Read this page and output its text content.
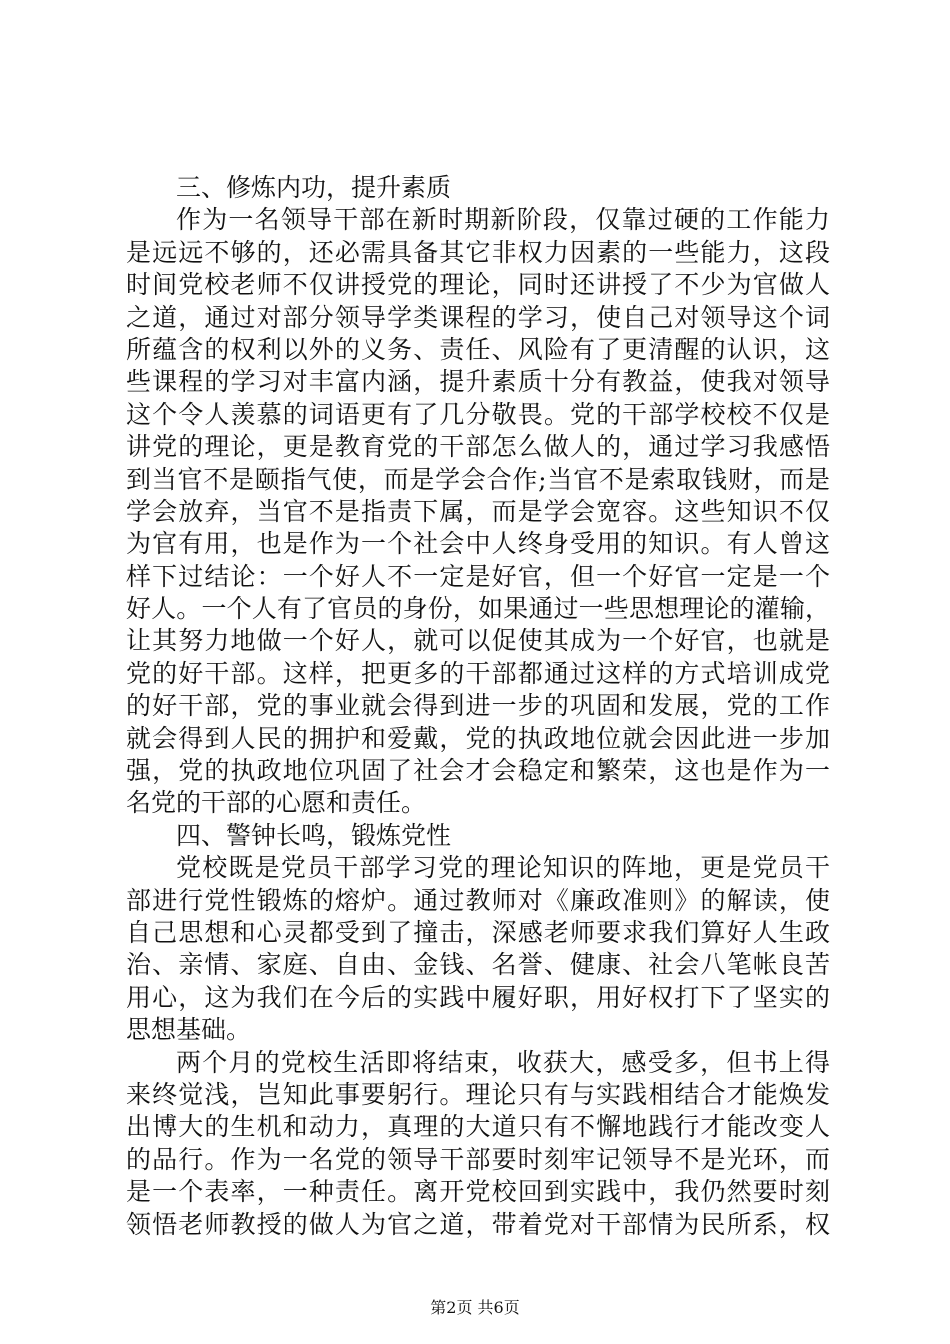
三、修炼内功，提升素质
作为一名领导干部在新时期新阶段，仅靠过硬的工作能力
是远远不够的，还必需具备其它非权力因素的一些能力，这段
时间党校老师不仅讲授党的理论，同时还讲授了不少为官做人
之道，通过对部分领导学类课程的学习，使自己对领导这个词
所蕴含的权利以外的义务、责任、风险有了更清醒的认识，这
些课程的学习对丰富内涵，提升素质十分有教益，使我对领导
这个令人羡慕的词语更有了几分敬畏。党的干部学校校不仅是
讲党的理论，更是教育党的干部怎么做人的，通过学习我感悟
到当官不是颐指气使，而是学会合作;当官不是索取钱财，而是
学会放弃，当官不是指责下属，而是学会宽容。这些知识不仅
为官有用，也是作为一个社会中人终身受用的知识。有人曾这
样下过结论：一个好人不一定是好官，但一个好官一定是一个
好人。一个人有了官员的身份，如果通过一些思想理论的灌输，
让其努力地做一个好人，就可以促使其成为一个好官，也就是
党的好干部。这样，把更多的干部都通过这样的方式培训成党
的好干部，党的事业就会得到进一步的巩固和发展，党的工作
就会得到人民的拥护和爱戴，党的执政地位就会因此进一步加
强，党的执政地位巩固了社会才会稳定和繁荣，这也是作为一
名党的干部的心愿和责任。
四、警钟长鸣，锻炼党性
党校既是党员干部学习党的理论知识的阵地，更是党员干
部进行党性锻炼的熔炉。通过教师对《廉政准则》的解读，使
自己思想和心灵都受到了撞击，深感老师要求我们算好人生政
治、亲情、家庭、自由、金钱、名誉、健康、社会八笔帐良苦
用心，这为我们在今后的实践中履好职，用好权打下了坚实的
思想基础。
两个月的党校生活即将结束，收获大，感受多，但书上得
来终觉浅，岂知此事要躬行。理论只有与实践相结合才能焕发
出博大的生机和动力，真理的大道只有不懈地践行才能改变人
的品行。作为一名党的领导干部要时刻牢记领导不是光环，而
是一个表率，一种责任。离开党校回到实践中，我仍然要时刻
领悟老师教授的做人为官之道，带着党对干部情为民所系，权
第2页 共6页
